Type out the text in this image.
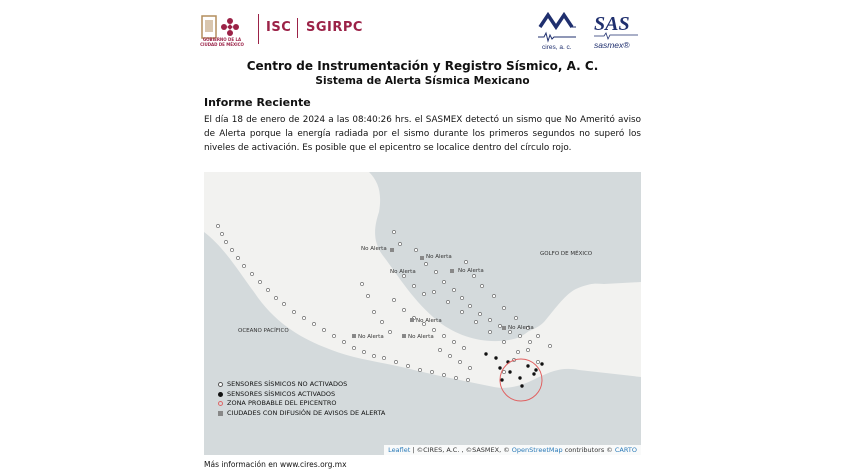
GOBIERNO DE LA CIUDAD DE MÉXICO
ISC SGIRPC
cires, a. c.
SAS
sasmex®
Centro de Instrumentación y Registro Sísmico, A. C.
Sistema de Alerta Sísmica Mexicano
Informe Reciente
El día 18 de enero de 2024 a las 08:40:26 hrs. el SASMEX detectó un sismo que No Ameritó aviso de Alerta porque la energía radiada por el sismo durante los primeros segundos no superó los niveles de activación. Es posible que el epicentro se localice dentro del círculo rojo.
GOLFO DE MÉXICO
OCEANO PACÍFICO
No Alerta
No Alerta
No Alerta	No Alerta
No Alerta
No Alerta
No Alerta
No Alerta
SENSORES SÍSMICOS NO ACTIVADOS
SENSORES SÍSMICOS ACTIVADOS
ZONA PROBABLE DEL EPICENTRO
CIUDADES CON DIFUSIÓN DE AVISOS DE ALERTA
Leaflet | ©CIRES, A.C. , ©SASMEX, © OpenStreetMap contributors © CARTO
Más información en www.cires.org.mx
